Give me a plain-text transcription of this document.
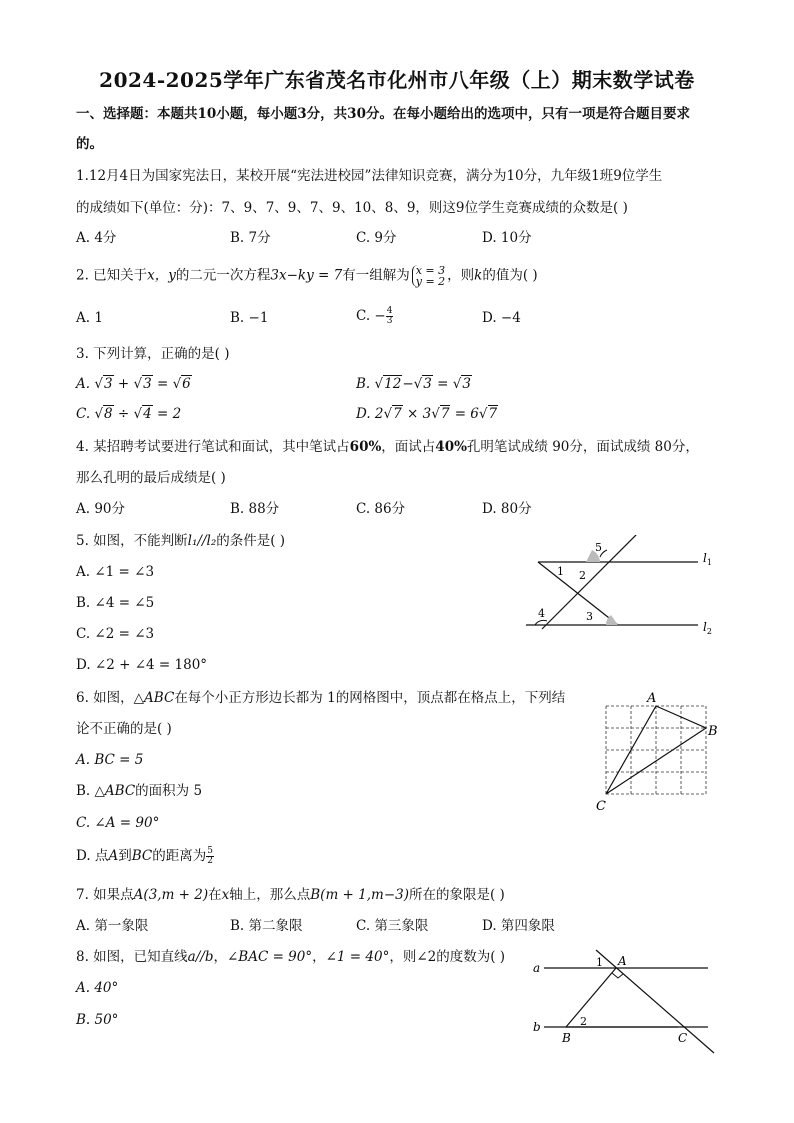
2024-2025学年广东省茂名市化州市八年级（上）期末数学试卷
一、选择题：本题共10小题，每小题3分，共30分。在每小题给出的选项中，只有一项是符合题目要求
的。
1.12月4日为国家宪法日，某校开展“宪法进校园”法律知识竞赛，满分为10分，九年级1班9位学生
的成绩如下(单位：分)：7、9、7、9、7、9、10、8、9，则这9位学生竞赛成绩的众数是( )
A. 4分	B. 7分	C. 9分	D. 10分
2. 已知关于x，y的二元一次方程3x−ky = 7有一组解为 x = 3
y = 2 ，则k的值为( )
A. 1	B. −1	C. − $\frac{4}{3}$	D. −4
3. 下列计算，正确的是( )
A. √3 + √3 = √6	B. √12−√3 = √3
C. √8 ÷ √4 = 2	D. 2√7 × 3√7 = 6√7
4. 某招聘考试要进行笔试和面试，其中笔试占60%，面试占40%孔明笔试成绩 90分，面试成绩 80分，
那么孔明的最后成绩是( )
A. 90分	B. 88分	C. 86分	D. 80分
5. 如图，不能判断l₁//l₂的条件是( )
A. ∠1 = ∠3
B. ∠4 = ∠5
C. ∠2 = ∠3
D. ∠2 + ∠4 = 180°
$l_1$
$l_2$
1 2
3
4
5
6. 如图，△ABC在每个小正方形边长都为 1的网格图中，顶点都在格点上，下列结
论不正确的是( )
A. BC = 5
B. △ABC的面积为 5
C. ∠A = 90°
D. 点A到BC的距离为 $\frac{5}{2}$
A
B
C
7. 如果点A(3,m + 2)在x轴上，那么点B(m + 1,m−3)所在的象限是( )
A. 第一象限	B. 第二象限	C. 第三象限	D. 第四象限
8. 如图，已知直线a//b，∠BAC = 90°，∠1 = 40°，则∠2的度数为( )
A. 40°
B. 50°
a
b
A
B	C
1
2
